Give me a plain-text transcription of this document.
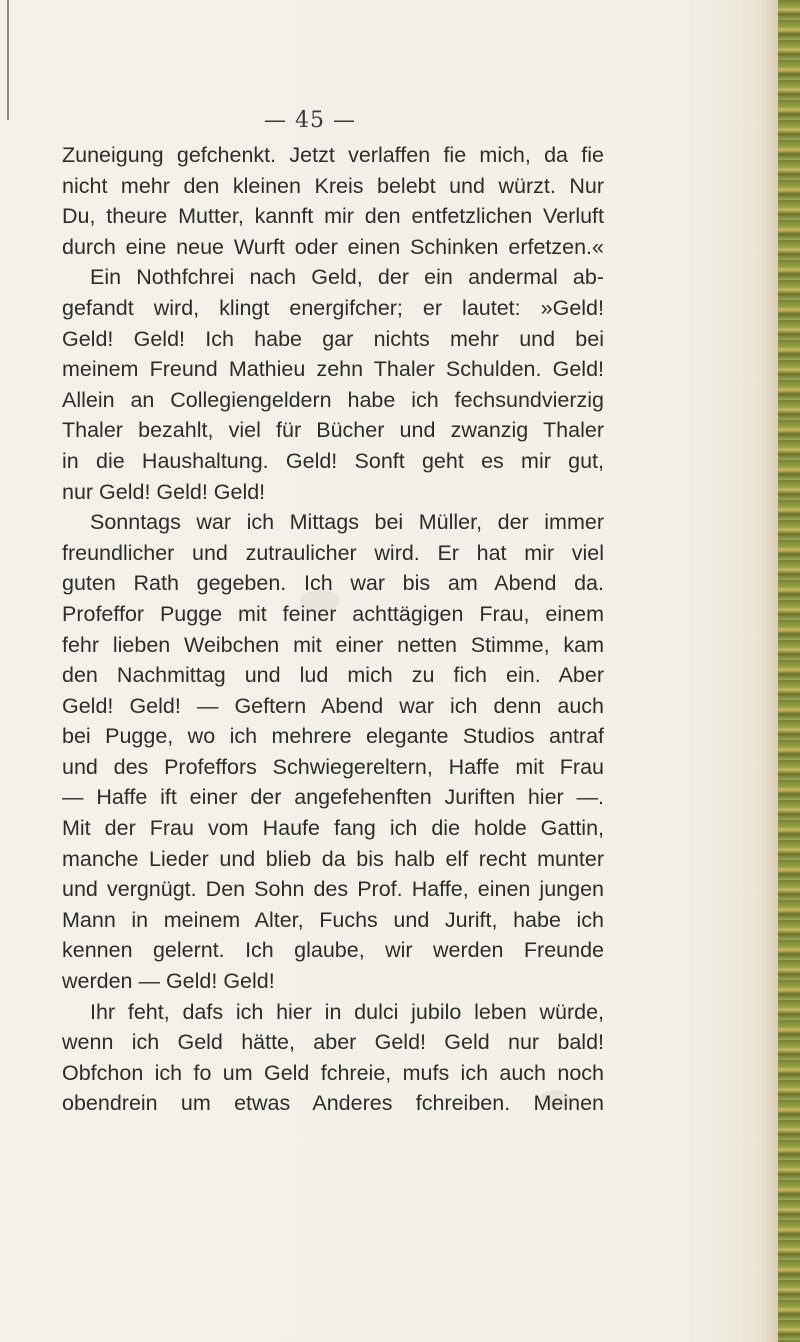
— 45 —
Zuneigung gefchenkt. Jetzt verlaffen fie mich, da fie
nicht mehr den kleinen Kreis belebt und würzt. Nur
Du, theure Mutter, kannft mir den entfetzlichen Verluft
durch eine neue Wurft oder einen Schinken erfetzen.«
Ein Nothfchrei nach Geld, der ein andermal ab-
gefandt wird, klingt energifcher; er lautet: »Geld!
Geld! Geld! Ich habe gar nichts mehr und bei
meinem Freund Mathieu zehn Thaler Schulden. Geld!
Allein an Collegiengeldern habe ich fechsundvierzig
Thaler bezahlt, viel für Bücher und zwanzig Thaler
in die Haushaltung. Geld! Sonft geht es mir gut,
nur Geld! Geld! Geld!
Sonntags war ich Mittags bei Müller, der immer
freundlicher und zutraulicher wird. Er hat mir viel
guten Rath gegeben. Ich war bis am Abend da.
Profeffor Pugge mit feiner achttägigen Frau, einem
fehr lieben Weibchen mit einer netten Stimme, kam
den Nachmittag und lud mich zu fich ein. Aber
Geld! Geld! — Geftern Abend war ich denn auch
bei Pugge, wo ich mehrere elegante Studios antraf
und des Profeffors Schwiegereltern, Haffe mit Frau
— Haffe ift einer der angefehenften Juriften hier —.
Mit der Frau vom Haufe fang ich die holde Gattin,
manche Lieder und blieb da bis halb elf recht munter
und vergnügt. Den Sohn des Prof. Haffe, einen jungen
Mann in meinem Alter, Fuchs und Jurift, habe ich
kennen gelernt. Ich glaube, wir werden Freunde
werden — Geld! Geld!
Ihr feht, dafs ich hier in dulci jubilo leben würde,
wenn ich Geld hätte, aber Geld! Geld nur bald!
Obfchon ich fo um Geld fchreie, mufs ich auch noch
obendrein um etwas Anderes fchreiben. Meinen
